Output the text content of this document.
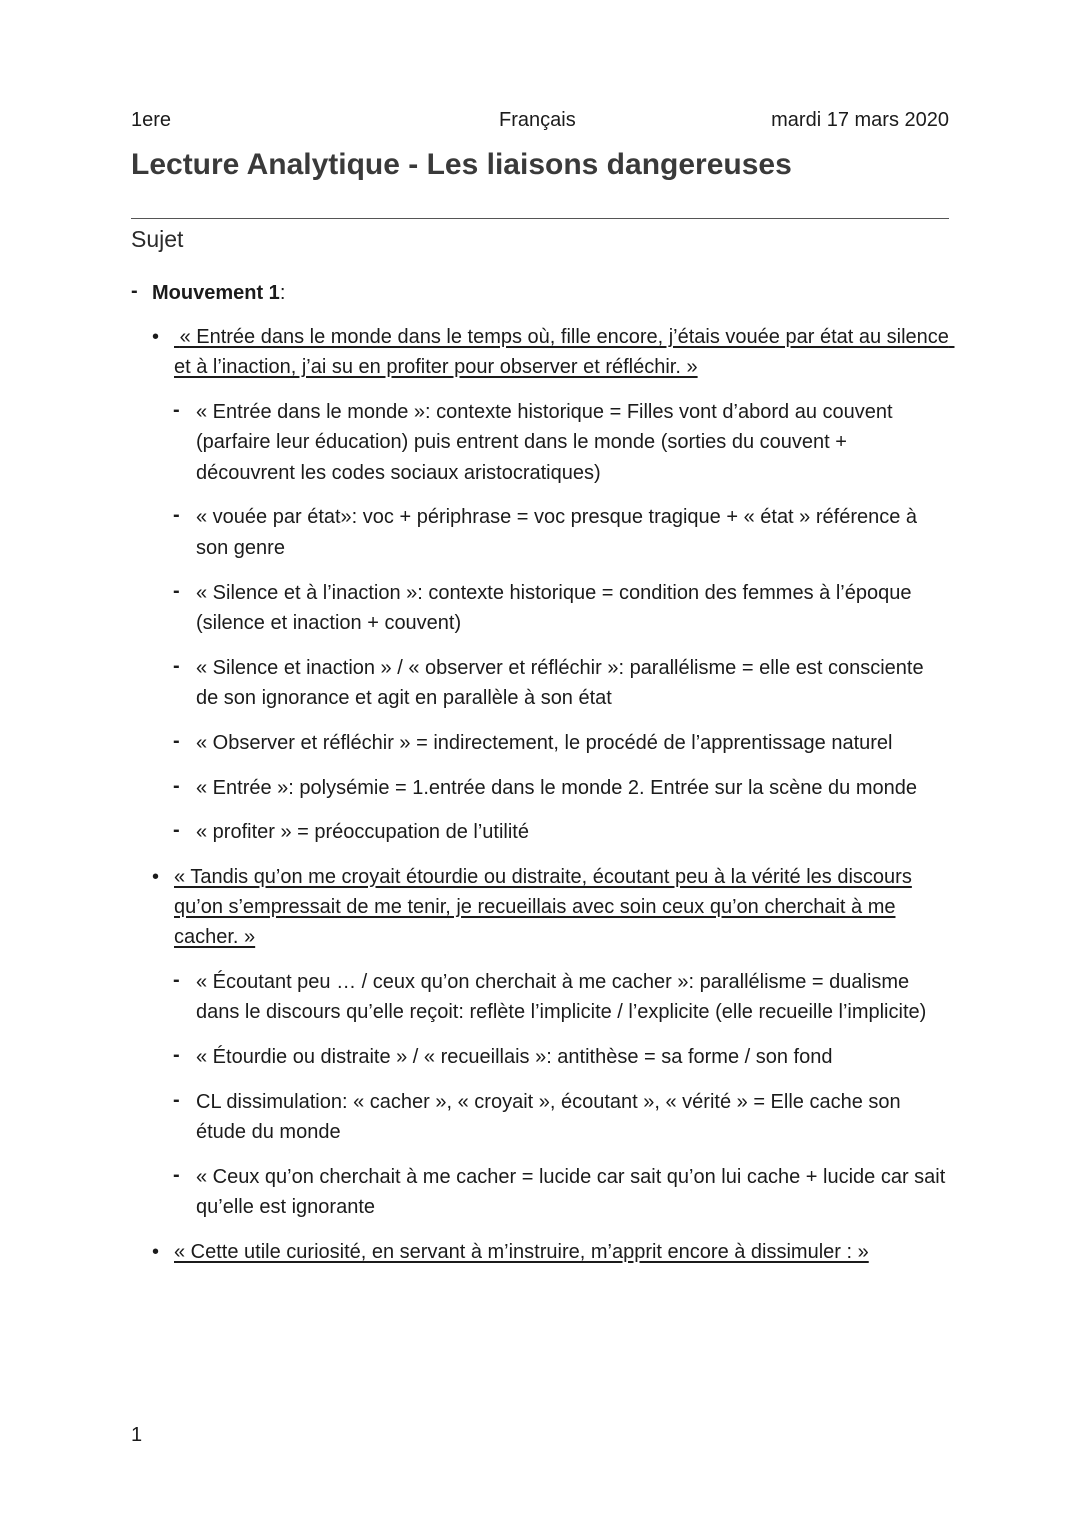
1ere	Français	mardi 17 mars 2020
Lecture Analytique - Les liaisons dangereuses
Sujet
- Mouvement 1:
• « Entrée dans le monde dans le temps où, fille encore, j’étais vouée par état au silence et à l’inaction, j’ai su en profiter pour observer et réfléchir. »
- « Entrée dans le monde »: contexte historique = Filles vont d’abord au couvent (parfaire leur éducation) puis entrent dans le monde (sorties du couvent + découvrent les codes sociaux aristocratiques)
- « vouée par état»: voc + périphrase = voc presque tragique + « état » référence à son genre
- « Silence et à l’inaction »: contexte historique = condition des femmes à l’époque (silence et inaction + couvent)
- « Silence et inaction » / « observer et réfléchir »: parallélisme = elle est consciente de son ignorance et agit en parallèle à son état
- « Observer et réfléchir » = indirectement, le procédé de l’apprentissage naturel
- « Entrée »: polysémie = 1.entrée dans le monde 2. Entrée sur la scène du monde
- « profiter » = préoccupation de l’utilité
• « Tandis qu’on me croyait étourdie ou distraite, écoutant peu à la vérité les discours qu’on s’empressait de me tenir, je recueillais avec soin ceux qu’on cherchait à me cacher. »
- « Écoutant peu … / ceux qu’on cherchait à me cacher »: parallélisme = dualisme dans le discours qu’elle reçoit: reflète l’implicite / l’explicite (elle recueille l’implicite)
- « Étourdie ou distraite » / « recueillais »: antithèse = sa forme / son fond
- CL dissimulation: « cacher », « croyait », écoutant », « vérité » = Elle cache son étude du monde
- « Ceux qu’on cherchait à me cacher = lucide car sait qu’on lui cache + lucide car sait qu’elle est ignorante
• « Cette utile curiosité, en servant à m’instruire, m’apprit encore à dissimuler : »
1
